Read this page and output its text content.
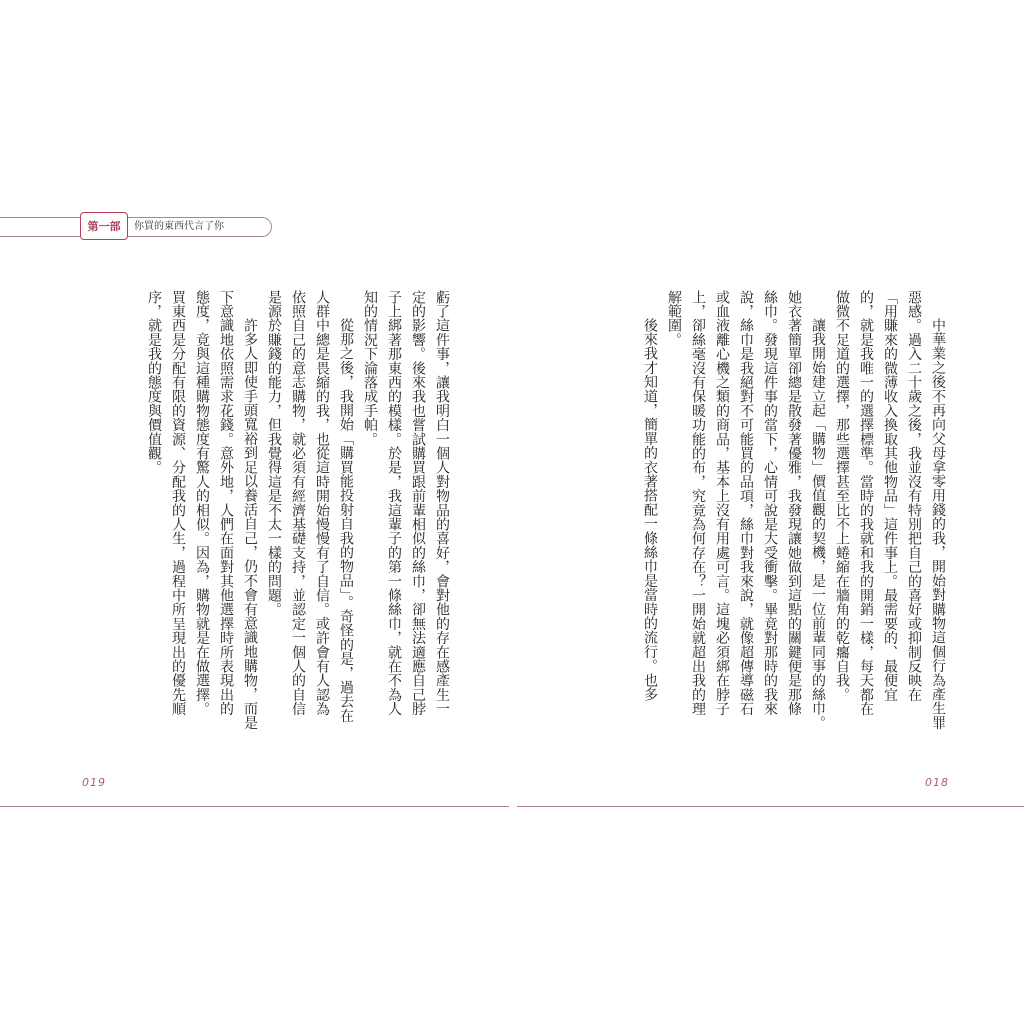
第一部	你買的東西代言了你

中華業之後不再向父母拿零用錢的我，開始對購物這個行為產生罪惡感。過入二十歲之後，我並沒有特別把自己的喜好或抑制反映在「用賺來的微薄收入換取其他物品」這件事上。最需要的、最便宜的，就是我唯一的選擇標準。當時的我就和我的開銷一樣，每天都在做微不足道的選擇，那些選擇甚至比不上蜷縮在牆角的乾癟自我。

讓我開始建立起「購物」價值觀的契機，是一位前輩同事的絲巾。她衣著簡單卻總是散發著優雅，我發現讓她做到這點的關鍵便是那條絲巾。發現這件事的當下，心情可說是大受衝擊。畢竟對那時的我來說，絲巾是我絕對不可能買的品項，絲巾對我來說，就像超傳導磁石或血液離心機之類的商品，基本上沒有用處可言。這塊必須綁在脖子上，卻絲毫沒有保暖功能的布，究竟為何存在？一開始就超出我的理解範圍。

後來我才知道，簡單的衣著搭配一條絲巾是當時的流行。也多

虧了這件事，讓我明白一個人對物品的喜好，會對他的存在感產生一定的影響。後來我也嘗試購買跟前輩相似的絲巾，卻無法適應自己脖子上綁著那東西的模樣。於是，我這輩子的第一條絲巾，就在不為人知的情況下淪落成手帕。

從那之後，我開始「購買能投射自我的物品」。奇怪的是，過去在人群中總是畏縮的我，也從這時開始慢慢有了自信。或許會有人認為依照自己的意志購物，就必須有經濟基礎支持，並認定一個人的自信是源於賺錢的能力，但我覺得這是不太一樣的問題。

許多人即使手頭寬裕到足以養活自己，仍不會有意識地購物，而是下意識地依照需求花錢。意外地，人們在面對其他選擇時所表現出的態度，竟與這種購物態度有驚人的相似。因為，購物就是在做選擇。買東西是分配有限的資源、分配我的人生，過程中所呈現出的優先順序，就是我的態度與價值觀。

019	018
